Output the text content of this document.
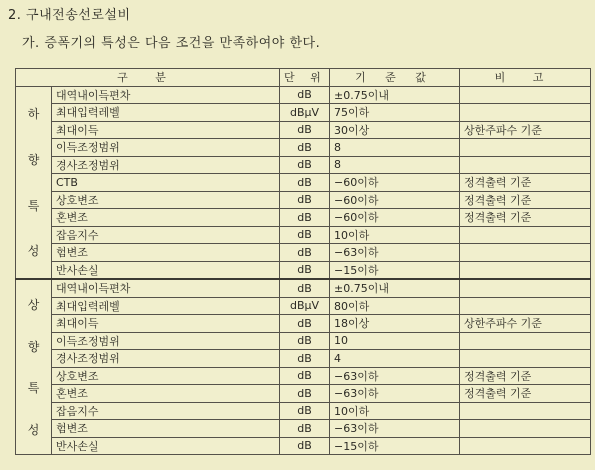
2. 구내전송선로설비
가. 증폭기의 특성은 다음 조건을 만족하여야 한다.
구 분		단 위	기 준 값	비 고

하
향
특
성	대역내이득편차	dB	±0.75이내	
	최대입력레벨	dBμV	75이하	
	최대이득	dB	30이상	상한주파수 기준
	이득조정범위	dB	8	
	경사조정범위	dB	8	
	CTB	dB	−60이하	정격출력 기준
	상호변조	dB	−60이하	정격출력 기준
	혼변조	dB	−60이하	정격출력 기준
	잡음지수	dB	10이하	
	험변조	dB	−63이하	
	반사손실	dB	−15이하	

상
향
특
성	대역내이득편차	dB	±0.75이내	
	최대입력레벨	dBμV	80이하	
	최대이득	dB	18이상	상한주파수 기준
	이득조정범위	dB	10	
	경사조정범위	dB	4	
	상호변조	dB	−63이하	정격출력 기준
	혼변조	dB	−63이하	정격출력 기준
	잡음지수	dB	10이하	
	험변조	dB	−63이하	
	반사손실	dB	−15이하	
